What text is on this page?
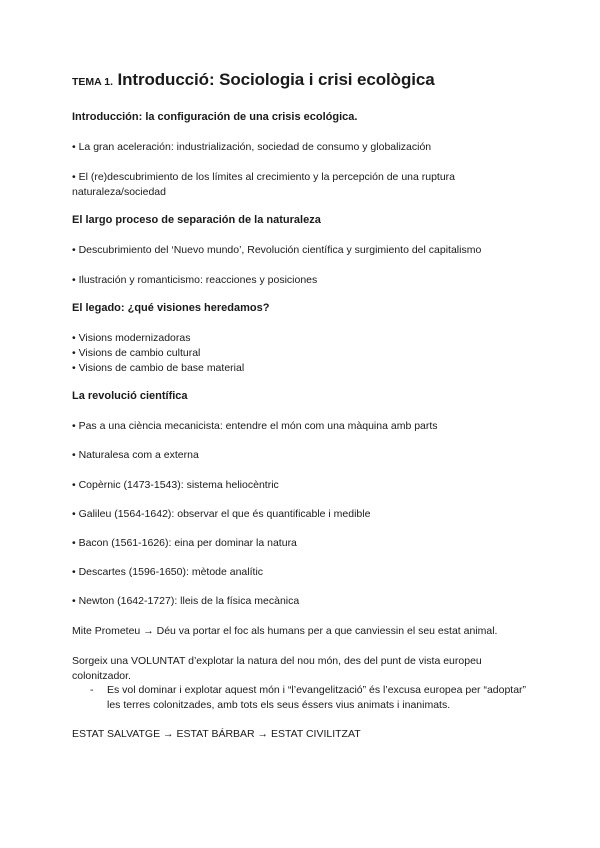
TEMA 1. Introducció: Sociologia i crisi ecològica
Introducción: la configuración de una crisis ecológica.

• La gran aceleración: industrialización, sociedad de consumo y globalización

• El (re)descubrimiento de los límites al crecimiento y la percepción de una ruptura naturaleza/sociedad

El largo proceso de separación de la naturaleza

• Descubrimiento del ‘Nuevo mundo’, Revolución científica y surgimiento del capitalismo

• Ilustración y romanticismo: reacciones y posiciones

El legado: ¿qué visiones heredamos?

• Visions modernizadoras

• Visions de cambio cultural

• Visions de cambio de base material

La revolució científica

• Pas a una ciència mecanicista: entendre el món com una màquina amb parts

• Naturalesa com a externa

• Copèrnic (1473-1543): sistema heliocèntric

• Galileu (1564-1642): observar el que és quantificable i medible

• Bacon (1561-1626): eina per dominar la natura

• Descartes (1596-1650): mètode analític

• Newton (1642-1727): lleis de la física mecànica

Mite Prometeu → Déu va portar el foc als humans per a que canviessin el seu estat animal.

Sorgeix una VOLUNTAT d’explotar la natura del nou món, des del punt de vista europeu colonitzador.

-	Es vol dominar i explotar aquest món i “l’evangelització” és l’excusa europea per “adoptar” les terres colonitzades, amb tots els seus éssers vius animats i inanimats.

ESTAT SALVATGE → ESTAT BÁRBAR → ESTAT CIVILITZAT
